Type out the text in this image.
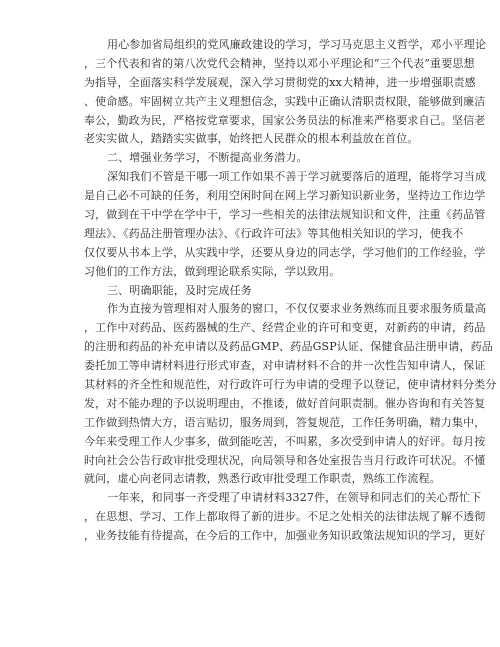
用心参加省局组织的党风廉政建设的学习，学习马克思主义哲学，邓小平理论
，三个代表和省的第八次党代会精神，坚持以邓小平理论和“三个代表”重要思想
为指导，全面落实科学发展观，深入学习贯彻党的xx大精神，进一步增强职责感
、使命感。牢固树立共产主义理想信念，实践中正确认清职责权限，能够做到廉洁
奉公，勤政为民，严格按党章要求，国家公务员法的标准来严格要求自己。坚信老
老实实做人，踏踏实实做事，始终把人民群众的根本利益放在首位。
二、增强业务学习，不断提高业务潜力。
深知我们不管是干哪一项工作如果不善于学习就要落后的道理，能将学习当成
是自己必不可缺的任务，利用空闲时间在网上学习新知识新业务，坚持边工作边学
习，做到在干中学在学中干，学习一些相关的法律法规知识和文件，注重《药品管
理法》、《药品注册管理办法》、《行政许可法》等其他相关知识的学习，使我不
仅仅要从书本上学，从实践中学，还要从身边的同志学，学习他们的工作经验，学
习他们的工作方法，做到理论联系实际，学以致用。
三、明确职能，及时完成任务
作为直接为管理相对人服务的窗口，不仅仅要求业务熟练而且要求服务质量高
，工作中对药品、医药器械的生产、经营企业的许可和变更，对新药的申请，药品
的注册和药品的补充申请以及药品GMP、药品GSP认证、保健食品注册申请，药品
委托加工等申请材料进行形式审查，对申请材料不合的并一次性告知申请人，保证
其材料的齐全性和规范性，对行政许可行为申请的受理予以登记，使申请材料分类分
发，对不能办理的予以说明理由，不推诿，做好首问职责制。催办咨询和有关答复
工作做到热情大方，语言贴切，服务周到，答复规范，工作任务明确，精力集中，
今年来受理工作人少事多，做到能吃苦，不叫累，多次受到申请人的好评。每月按
时向社会公告行政审批受理状况，向局领导和各处室报告当月行政许可状况。不懂
就问，虚心向老同志请教，熟悉行政审批受理工作职责，熟练工作流程。
一年来，和同事一齐受理了申请材料3327件，在领导和同志们的关心帮忙下
，在思想、学习、工作上都取得了新的进步。不足之处相关的法律法规了解不透彻
，业务技能有待提高，在今后的工作中，加强业务知识政策法规知识的学习，更好
